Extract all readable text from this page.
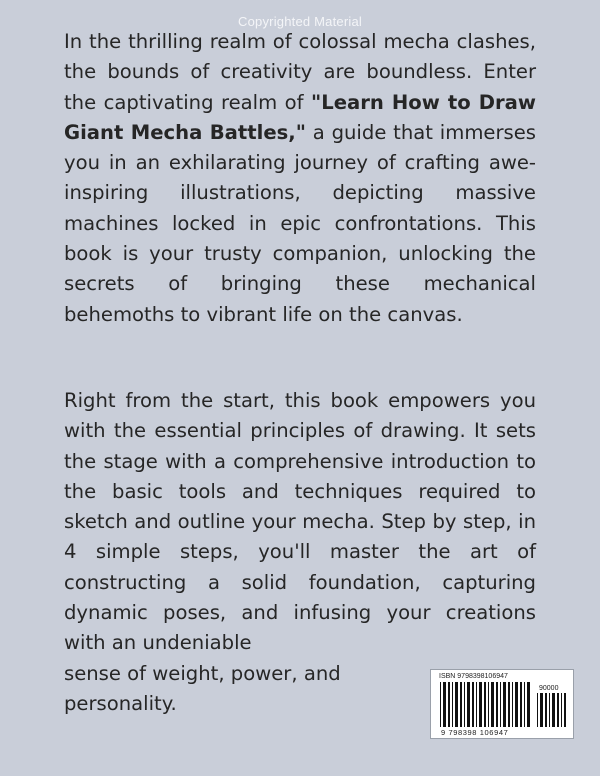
Copyrighted Material

In the thrilling realm of colossal mecha clashes, the bounds of creativity are boundless. Enter the captivating realm of "Learn How to Draw Giant Mecha Battles," a guide that immerses you in an exhilarating journey of crafting awe-inspiring illustrations, depicting massive machines locked in epic confrontations. This book is your trusty companion, unlocking the secrets of bringing these mechanical behemoths to vibrant life on the canvas.

Right from the start, this book empowers you with the essential principles of drawing. It sets the stage with a comprehensive introduction to the basic tools and techniques required to sketch and outline your mecha. Step by step, in 4 simple steps, you'll master the art of constructing a solid foundation, capturing dynamic poses, and infusing your creations with an undeniable

sense of weight, power, and

personality.

ISBN 9798398106947
90000
9 798398 106947
